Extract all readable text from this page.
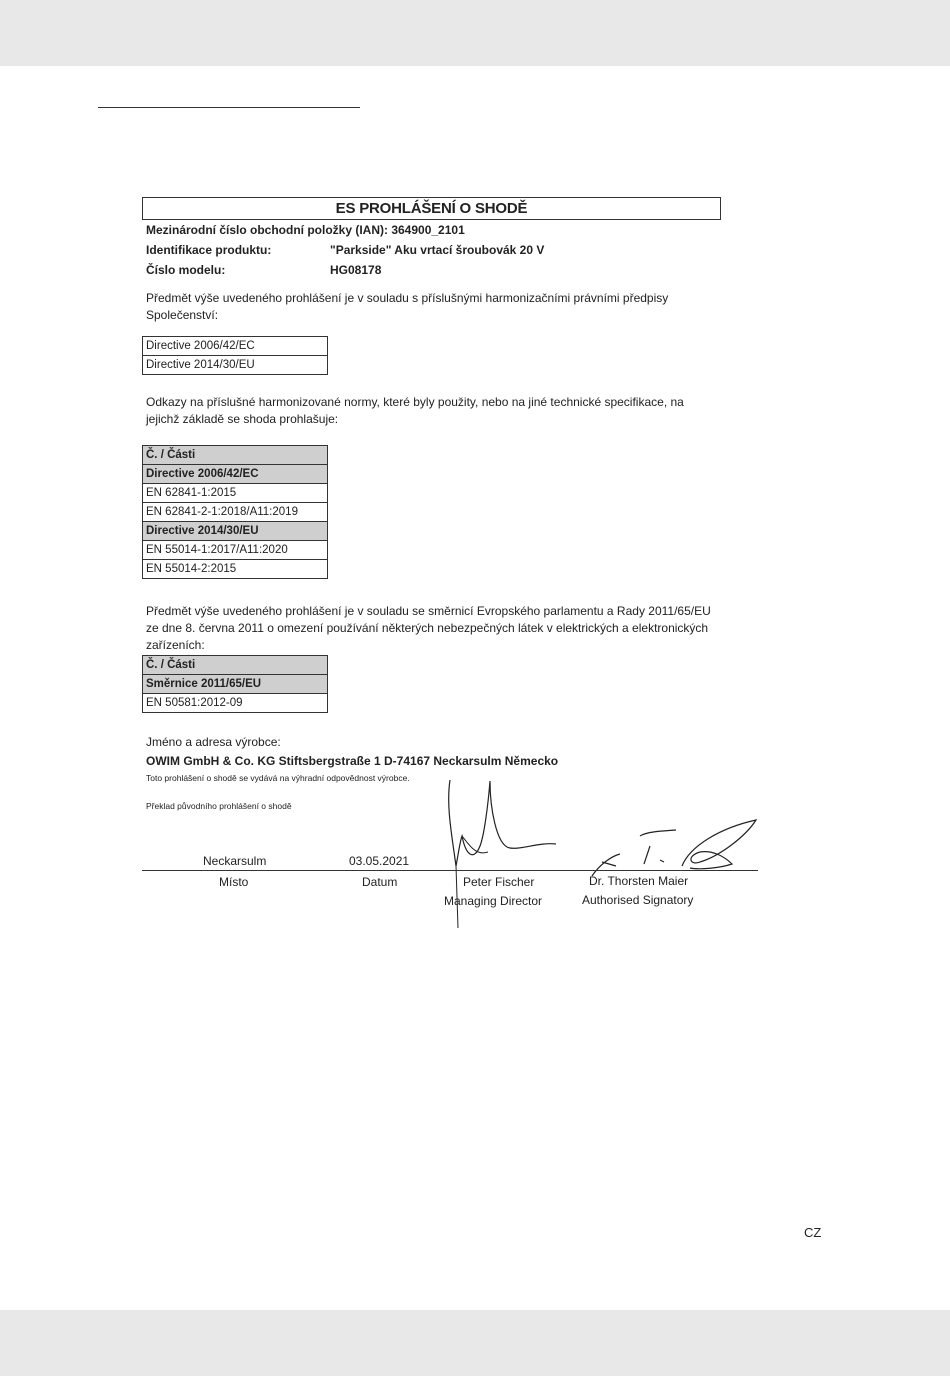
ES PROHLÁŠENÍ O SHODĚ
Mezinárodní číslo obchodní položky (IAN): 364900_2101
Identifikace produktu:	"Parkside" Aku vrtací šroubovák 20 V
Číslo modelu:	HG08178
Předmět výše uvedeného prohlášení je v souladu s příslušnými harmonizačními právními předpisy Společenství:
Directive 2006/42/EC
Directive 2014/30/EU
Odkazy na příslušné harmonizované normy, které byly použity, nebo na jiné technické specifikace, na jejichž základě se shoda prohlašuje:
Č. / Části
Directive 2006/42/EC
EN 62841-1:2015
EN 62841-2-1:2018/A11:2019
Directive 2014/30/EU
EN 55014-1:2017/A11:2020
EN 55014-2:2015
Předmět výše uvedeného prohlášení je v souladu se směrnicí Evropského parlamentu a Rady 2011/65/EU ze dne 8. června 2011 o omezení používání některých nebezpečných látek v elektrických a elektronických zařízeních:
Č. / Části
Směrnice 2011/65/EU
EN 50581:2012-09
Jméno a adresa výrobce:
OWIM GmbH & Co. KG Stiftsbergstraße 1 D-74167 Neckarsulm Německo
Toto prohlášení o shodě se vydává na výhradní odpovědnost výrobce.
Překlad původního prohlášení o shodě
Neckarsulm	03.05.2021
Místo	Datum	Peter Fischer
Managing Director
Dr. Thorsten Maier
Authorised Signatory
CZ
